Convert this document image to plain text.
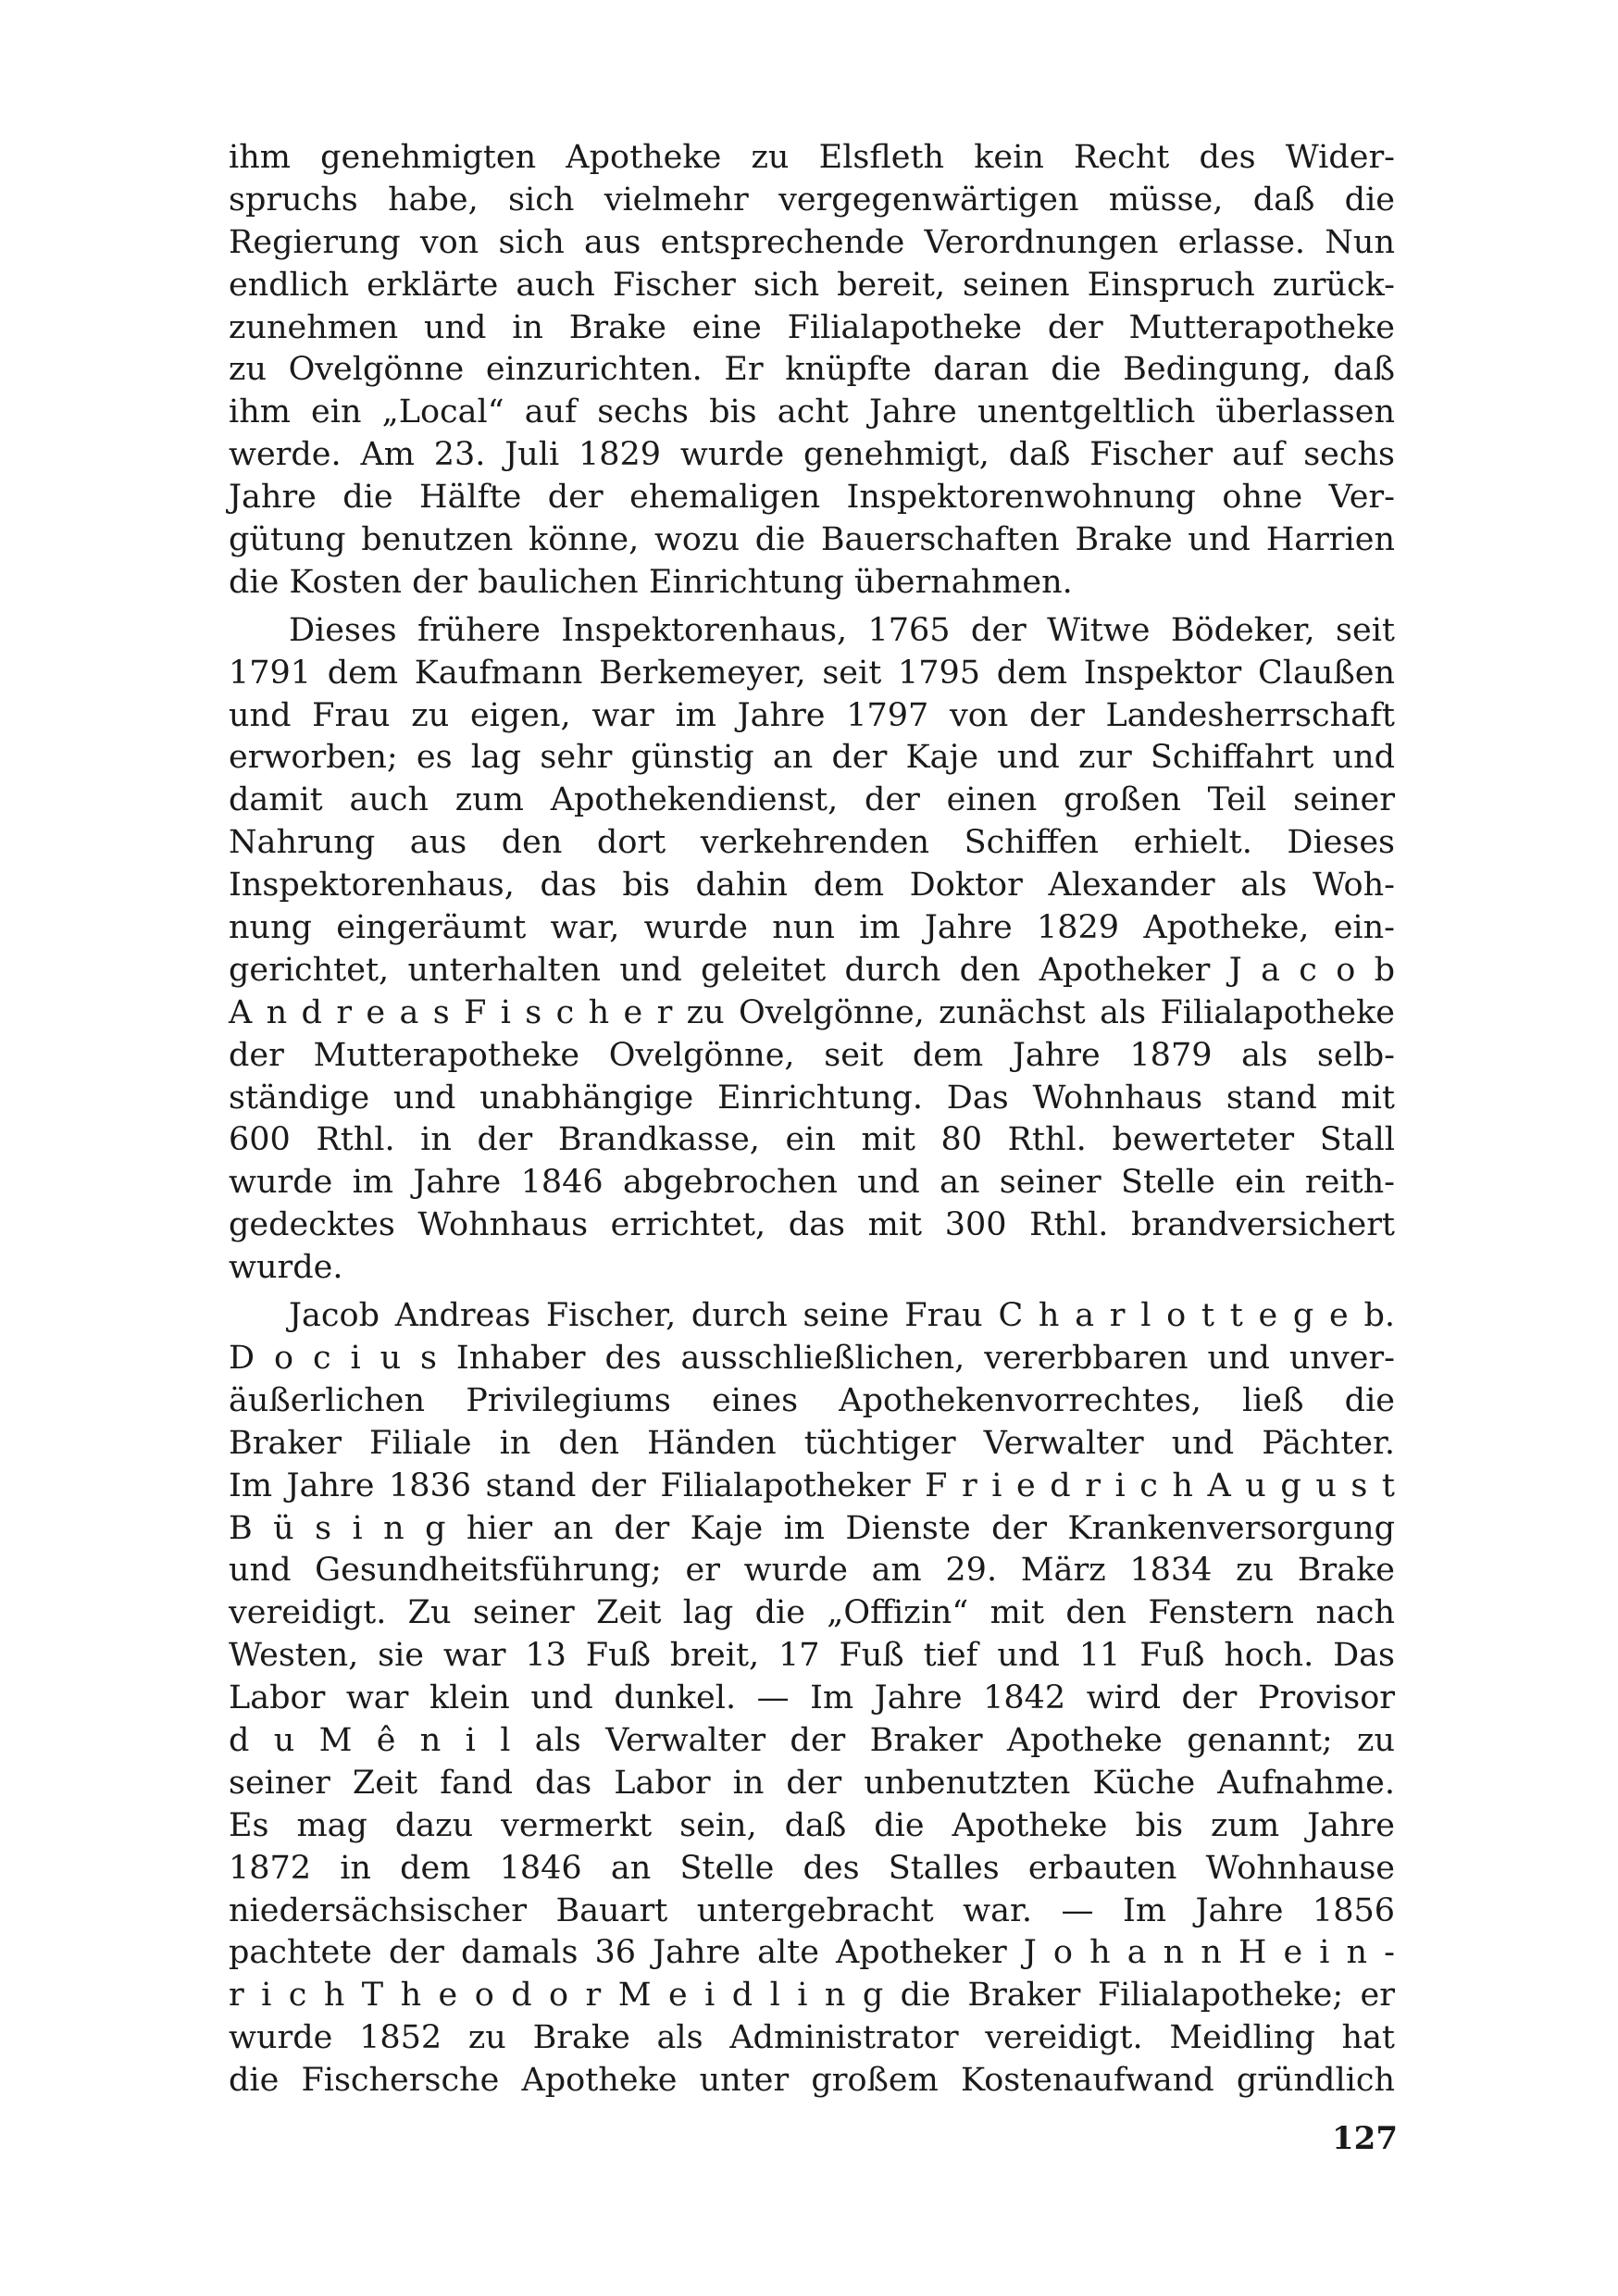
ihm genehmigten Apotheke zu Elsfleth kein Recht des Wider-
spruchs habe, sich vielmehr vergegenwärtigen müsse, daß die
Regierung von sich aus entsprechende Verordnungen erlasse. Nun
endlich erklärte auch Fischer sich bereit, seinen Einspruch zurück-
zunehmen und in Brake eine Filialapotheke der Mutterapotheke
zu Ovelgönne einzurichten. Er knüpfte daran die Bedingung, daß
ihm ein „Local“ auf sechs bis acht Jahre unentgeltlich überlassen
werde. Am 23. Juli 1829 wurde genehmigt, daß Fischer auf sechs
Jahre die Hälfte der ehemaligen Inspektorenwohnung ohne Ver-
gütung benutzen könne, wozu die Bauerschaften Brake und Harrien
die Kosten der baulichen Einrichtung übernahmen.
Dieses frühere Inspektorenhaus, 1765 der Witwe Bödeker, seit
1791 dem Kaufmann Berkemeyer, seit 1795 dem Inspektor Claußen
und Frau zu eigen, war im Jahre 1797 von der Landesherrschaft
erworben; es lag sehr günstig an der Kaje und zur Schiffahrt und
damit auch zum Apothekendienst, der einen großen Teil seiner
Nahrung aus den dort verkehrenden Schiffen erhielt. Dieses
Inspektorenhaus, das bis dahin dem Doktor Alexander als Woh-
nung eingeräumt war, wurde nun im Jahre 1829 Apotheke, ein-
gerichtet, unterhalten und geleitet durch den Apotheker J a c o b
A n d r e a s F i s c h e r zu Ovelgönne, zunächst als Filialapotheke
der Mutterapotheke Ovelgönne, seit dem Jahre 1879 als selb-
ständige und unabhängige Einrichtung. Das Wohnhaus stand mit
600 Rthl. in der Brandkasse, ein mit 80 Rthl. bewerteter Stall
wurde im Jahre 1846 abgebrochen und an seiner Stelle ein reith-
gedecktes Wohnhaus errichtet, das mit 300 Rthl. brandversichert
wurde.
Jacob Andreas Fischer, durch seine Frau C h a r l o t t e g e b.
D o c i u s Inhaber des ausschließlichen, vererbbaren und unver-
äußerlichen Privilegiums eines Apothekenvorrechtes, ließ die
Braker Filiale in den Händen tüchtiger Verwalter und Pächter.
Im Jahre 1836 stand der Filialapotheker F r i e d r i c h A u g u s t
B ü s i n g hier an der Kaje im Dienste der Krankenversorgung
und Gesundheitsführung; er wurde am 29. März 1834 zu Brake
vereidigt. Zu seiner Zeit lag die „Offizin“ mit den Fenstern nach
Westen, sie war 13 Fuß breit, 17 Fuß tief und 11 Fuß hoch. Das
Labor war klein und dunkel. — Im Jahre 1842 wird der Provisor
d u M ê n i l als Verwalter der Braker Apotheke genannt; zu
seiner Zeit fand das Labor in der unbenutzten Küche Aufnahme.
Es mag dazu vermerkt sein, daß die Apotheke bis zum Jahre
1872 in dem 1846 an Stelle des Stalles erbauten Wohnhause
niedersächsischer Bauart untergebracht war. — Im Jahre 1856
pachtete der damals 36 Jahre alte Apotheker J o h a n n H e i n -
r i c h T h e o d o r M e i d l i n g die Braker Filialapotheke; er
wurde 1852 zu Brake als Administrator vereidigt. Meidling hat
die Fischersche Apotheke unter großem Kostenaufwand gründlich
127
